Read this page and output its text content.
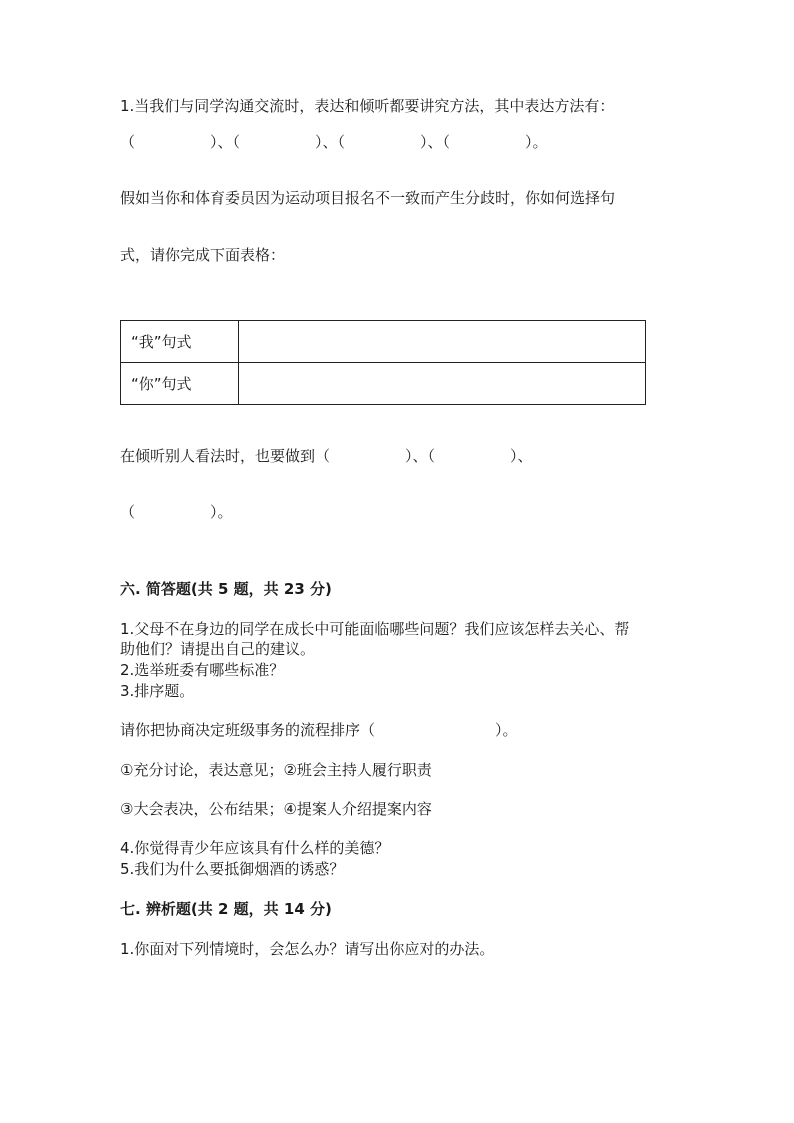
1.当我们与同学沟通交流时，表达和倾听都要讲究方法，其中表达方法有：
（　　　　　）、（　　　　　）、（　　　　　）、（　　　　　）。
假如当你和体育委员因为运动项目报名不一致而产生分歧时，你如何选择句
式，请你完成下面表格：
“我”句式	
“你”句式	
在倾听别人看法时，也要做到（　　　　　）、（　　　　　）、
（　　　　　）。
六. 简答题(共 5 题，共 23 分)
1.父母不在身边的同学在成长中可能面临哪些问题？我们应该怎样去关心、帮
助他们？请提出自己的建议。
2.选举班委有哪些标准？
3.排序题。
请你把协商决定班级事务的流程排序（　　　　　　　　）。
①充分讨论，表达意见；②班会主持人履行职责
③大会表决，公布结果；④提案人介绍提案内容
4.你觉得青少年应该具有什么样的美德？
5.我们为什么要抵御烟酒的诱惑？
七. 辨析题(共 2 题，共 14 分)
1.你面对下列情境时，会怎么办？请写出你应对的办法。
